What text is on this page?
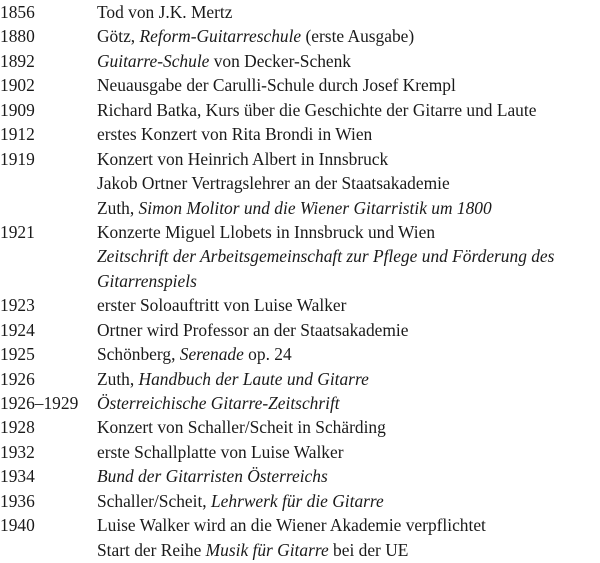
1856	Tod von J.K. Mertz
1880	Götz, Reform-Guitarreschule (erste Ausgabe)
1892	Guitarre-Schule von Decker-Schenk
1902	Neuausgabe der Carulli-Schule durch Josef Krempl
1909	Richard Batka, Kurs über die Geschichte der Gitarre und Laute
1912	erstes Konzert von Rita Brondi in Wien
1919	Konzert von Heinrich Albert in Innsbruck
Jakob Ortner Vertragslehrer an der Staatsakademie
Zuth, Simon Molitor und die Wiener Gitarristik um 1800
1921	Konzerte Miguel Llobets in Innsbruck und Wien
Zeitschrift der Arbeitsgemeinschaft zur Pflege und Förderung des
Gitarrenspiels
1923	erster Soloauftritt von Luise Walker
1924	Ortner wird Professor an der Staatsakademie
1925	Schönberg, Serenade op. 24
1926	Zuth, Handbuch der Laute und Gitarre
1926–1929 Österreichische Gitarre-Zeitschrift
1928	Konzert von Schaller/Scheit in Schärding
1932	erste Schallplatte von Luise Walker
1934	Bund der Gitarristen Österreichs
1936	Schaller/Scheit, Lehrwerk für die Gitarre
1940	Luise Walker wird an die Wiener Akademie verpflichtet
Start der Reihe Musik für Gitarre bei der UE
